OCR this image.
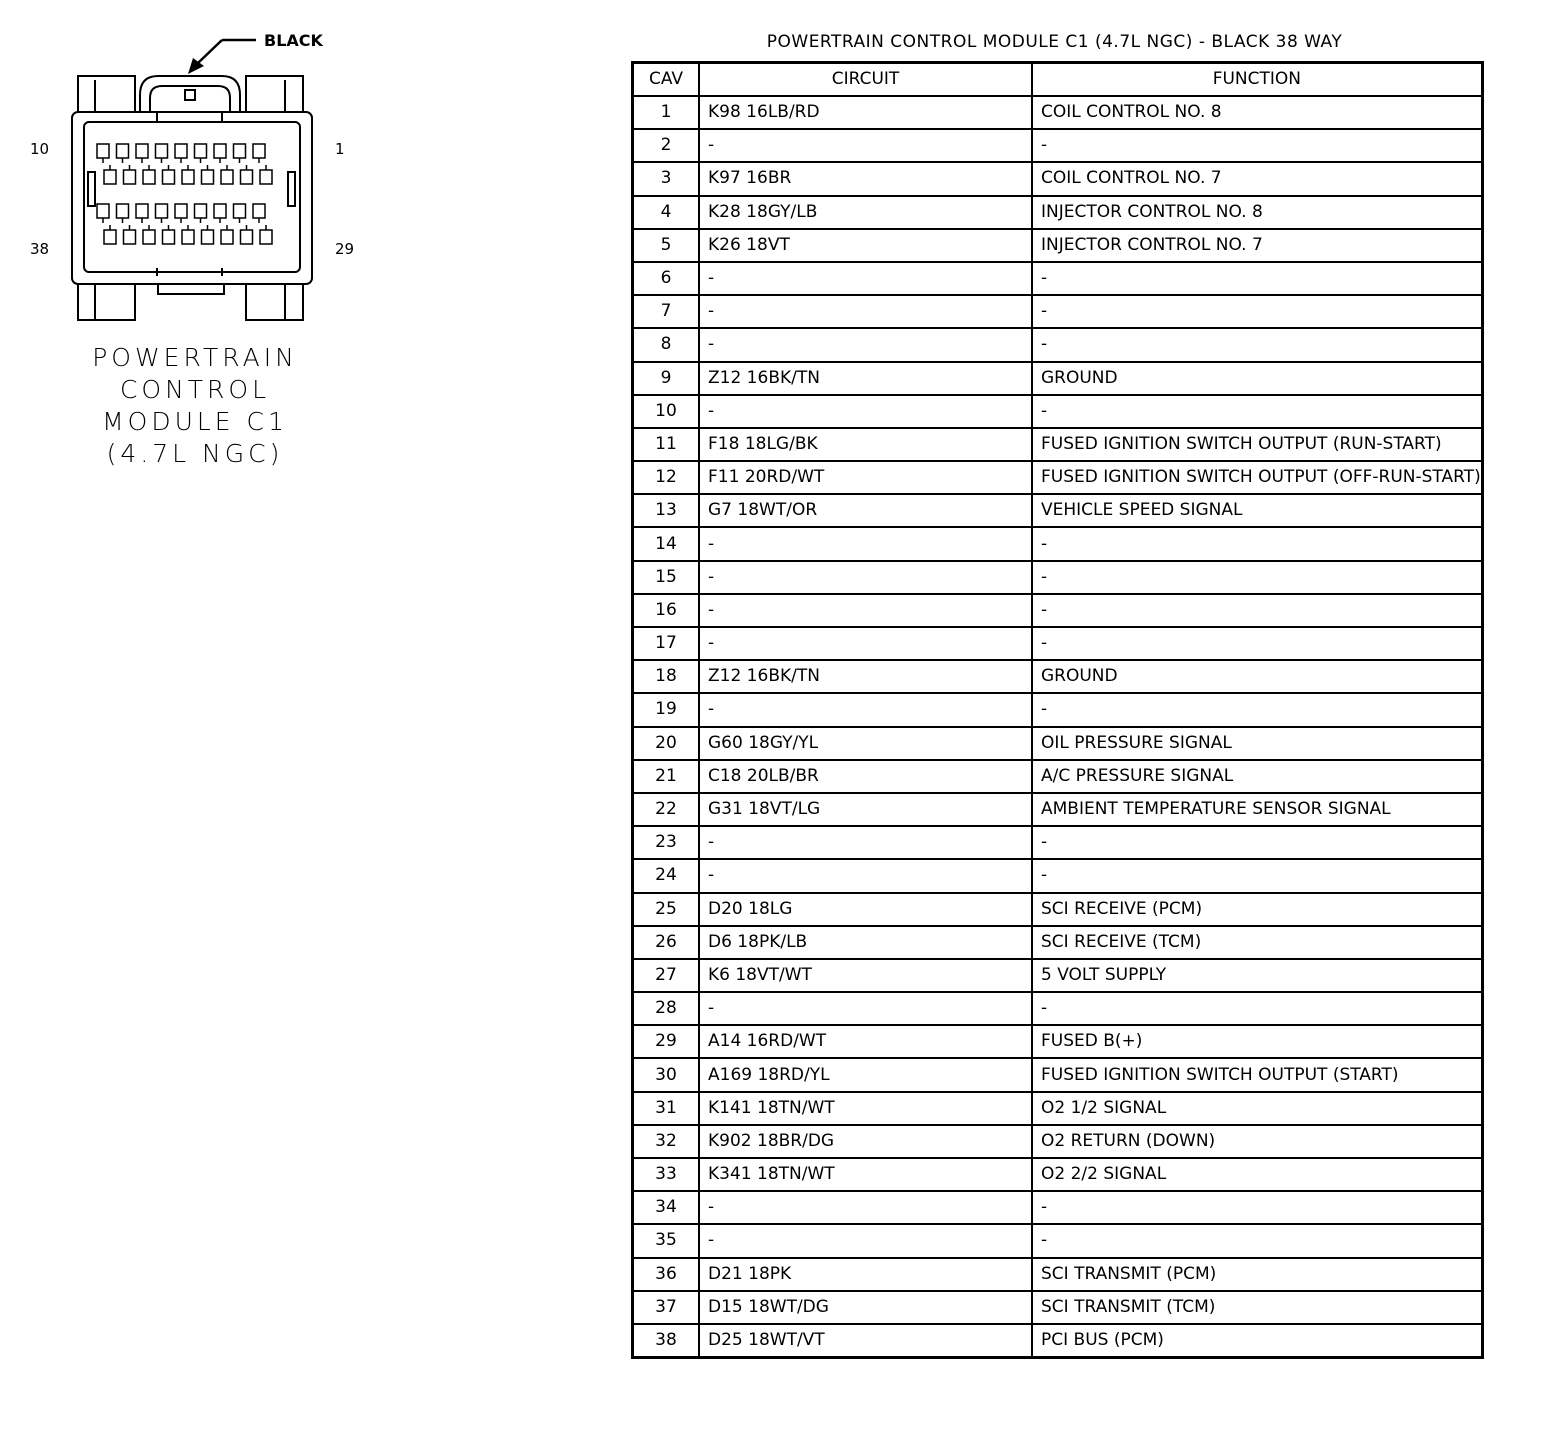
BLACK
10	1
38	29
POWERTRAIN
CONTROL
MODULE C1
(4.7L NGC)
POWERTRAIN CONTROL MODULE C1 (4.7L NGC) - BLACK 38 WAY
CAV	CIRCUIT	FUNCTION
1	K98 16LB/RD	COIL CONTROL NO. 8
2	-	-
3	K97 16BR	COIL CONTROL NO. 7
4	K28 18GY/LB	INJECTOR CONTROL NO. 8
5	K26 18VT	INJECTOR CONTROL NO. 7
6	-	-
7	-	-
8	-	-
9	Z12 16BK/TN	GROUND
10	-	-
11	F18 18LG/BK	FUSED IGNITION SWITCH OUTPUT (RUN-START)
12	F11 20RD/WT	FUSED IGNITION SWITCH OUTPUT (OFF-RUN-START)
13	G7 18WT/OR	VEHICLE SPEED SIGNAL
14	-	-
15	-	-
16	-	-
17	-	-
18	Z12 16BK/TN	GROUND
19	-	-
20	G60 18GY/YL	OIL PRESSURE SIGNAL
21	C18 20LB/BR	A/C PRESSURE SIGNAL
22	G31 18VT/LG	AMBIENT TEMPERATURE SENSOR SIGNAL
23	-	-
24	-	-
25	D20 18LG	SCI RECEIVE (PCM)
26	D6 18PK/LB	SCI RECEIVE (TCM)
27	K6 18VT/WT	5 VOLT SUPPLY
28	-	-
29	A14 16RD/WT	FUSED B(+)
30	A169 18RD/YL	FUSED IGNITION SWITCH OUTPUT (START)
31	K141 18TN/WT	O2 1/2 SIGNAL
32	K902 18BR/DG	O2 RETURN (DOWN)
33	K341 18TN/WT	O2 2/2 SIGNAL
34	-	-
35	-	-
36	D21 18PK	SCI TRANSMIT (PCM)
37	D15 18WT/DG	SCI TRANSMIT (TCM)
38	D25 18WT/VT	PCI BUS (PCM)
